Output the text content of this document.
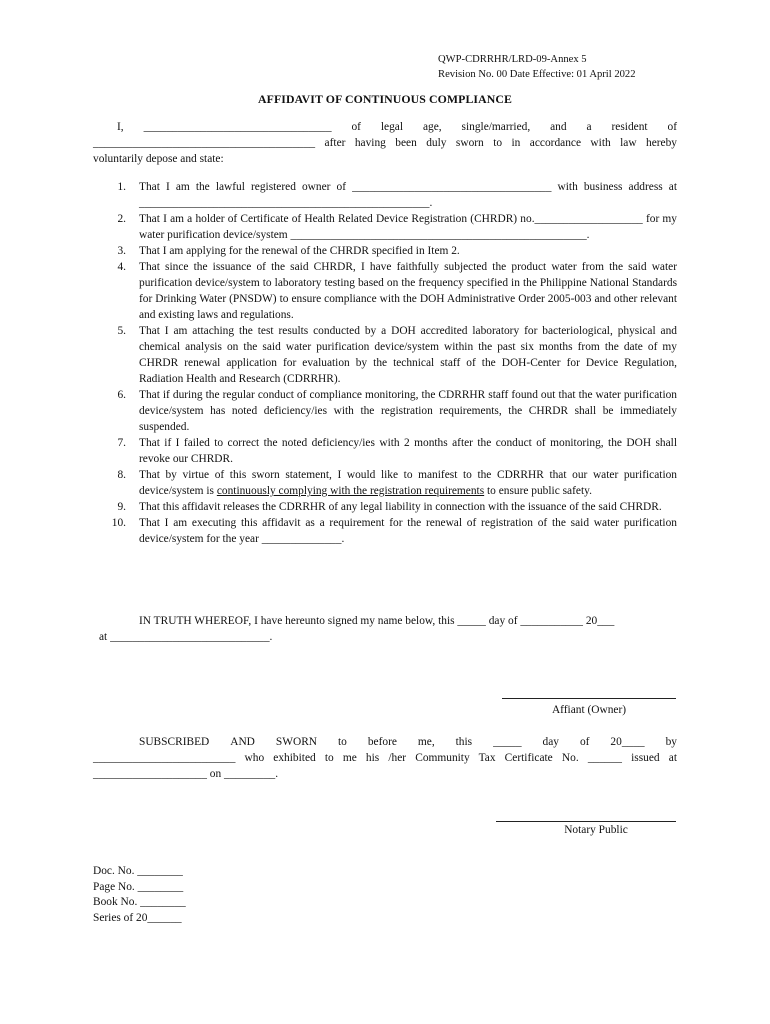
QWP-CDRRHR/LRD-09-Annex 5
Revision No. 00 Date Effective: 01 April 2022
AFFIDAVIT OF CONTINUOUS COMPLIANCE
I, _________________________________ of legal age, single/married, and a resident of
_______________________________________ after having been duly sworn to in accordance with law hereby
voluntarily depose and state:
1. That I am the lawful registered owner of ___________________________________ with business address at ___________________________________________________.
2. That I am a holder of Certificate of Health Related Device Registration (CHRDR) no.___________________ for my water purification device/system ____________________________________________________.
3. That I am applying for the renewal of the CHRDR specified in Item 2.
4. That since the issuance of the said CHRDR, I have faithfully subjected the product water from the said water purification device/system to laboratory testing based on the frequency specified in the Philippine National Standards for Drinking Water (PNSDW) to ensure compliance with the DOH Administrative Order 2005-003 and other relevant and existing laws and regulations.
5. That I am attaching the test results conducted by a DOH accredited laboratory for bacteriological, physical and chemical analysis on the said water purification device/system within the past six months from the date of my CHRDR renewal application for evaluation by the technical staff of the DOH-Center for Device Regulation, Radiation Health and Research (CDRRHR).
6. That if during the regular conduct of compliance monitoring, the CDRRHR staff found out that the water purification device/system has noted deficiency/ies with the registration requirements, the CHRDR shall be immediately suspended.
7. That if I failed to correct the noted deficiency/ies with 2 months after the conduct of monitoring, the DOH shall revoke our CHRDR.
8. That by virtue of this sworn statement, I would like to manifest to the CDRRHR that our water purification device/system is continuously complying with the registration requirements to ensure public safety.
9. That this affidavit releases the CDRRHR of any legal liability in connection with the issuance of the said CHRDR.
10. That I am executing this affidavit as a requirement for the renewal of registration of the said water purification device/system for the year ______________.
IN TRUTH WHEREOF, I have hereunto signed my name below, this _____ day of ___________ 20___
at ____________________________.
Affiant (Owner)
SUBSCRIBED AND SWORN to before me, this _____ day of 20____ by
_________________________ who exhibited to me his /her Community Tax Certificate No. ______ issued at
____________________ on _________.
Notary Public
Doc. No. ________
Page No. ________
Book No. ________
Series of 20______
